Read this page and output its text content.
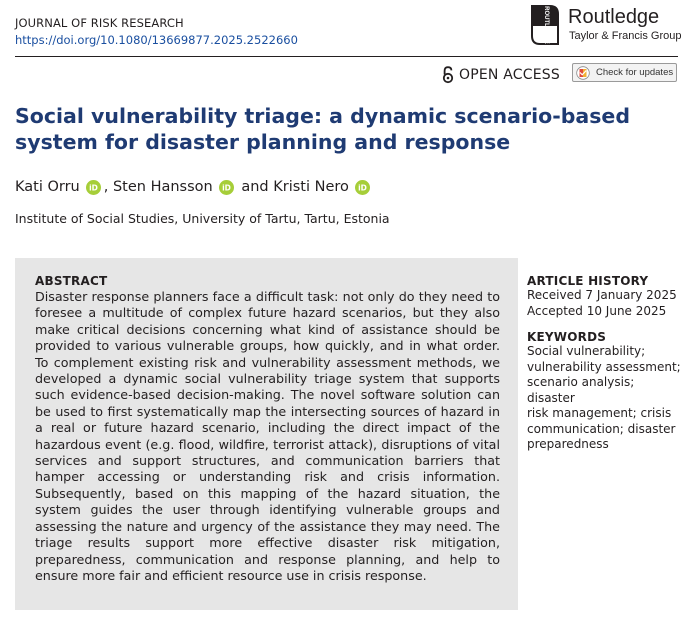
JOURNAL OF RISK RESEARCH
https://doi.org/10.1080/13669877.2025.2522660	ROUTLEDGE Routledge
Taylor & Francis Group
OPEN ACCESS	Check for updates
Social vulnerability triage: a dynamic scenario-based system for disaster planning and response
Kati Orru iD , Sten Hansson iD and Kristi Nero iD
Institute of Social Studies, University of Tartu, Tartu, Estonia
ABSTRACT

Disaster response planners face a difficult task: not only do they need to foresee a multitude of complex future hazard scenarios, but they also make critical decisions concerning what kind of assistance should be provided to various vulnerable groups, how quickly, and in what order. To complement existing risk and vulnerability assessment methods, we developed a dynamic social vulnerability triage system that supports such evidence-based decision-making. The novel software solution can be used to first systematically map the intersecting sources of hazard in a real or future hazard scenario, including the direct impact of the hazardous event (e.g. flood, wildfire, terrorist attack), disruptions of vital services and support structures, and communication barriers that hamper accessing or understanding risk and crisis information. Subsequently, based on this mapping of the hazard situation, the system guides the user through identifying vulnerable groups and assessing the nature and urgency of the assistance they may need. The triage results support more effective disaster risk mitigation, preparedness, communication and response planning, and help to ensure more fair and efficient resource use in crisis response.

ARTICLE HISTORY
Received 7 January 2025
Accepted 10 June 2025
KEYWORDS
Social vulnerability;
vulnerability assessment;
scenario analysis; disaster
risk management; crisis
communication; disaster
preparedness
